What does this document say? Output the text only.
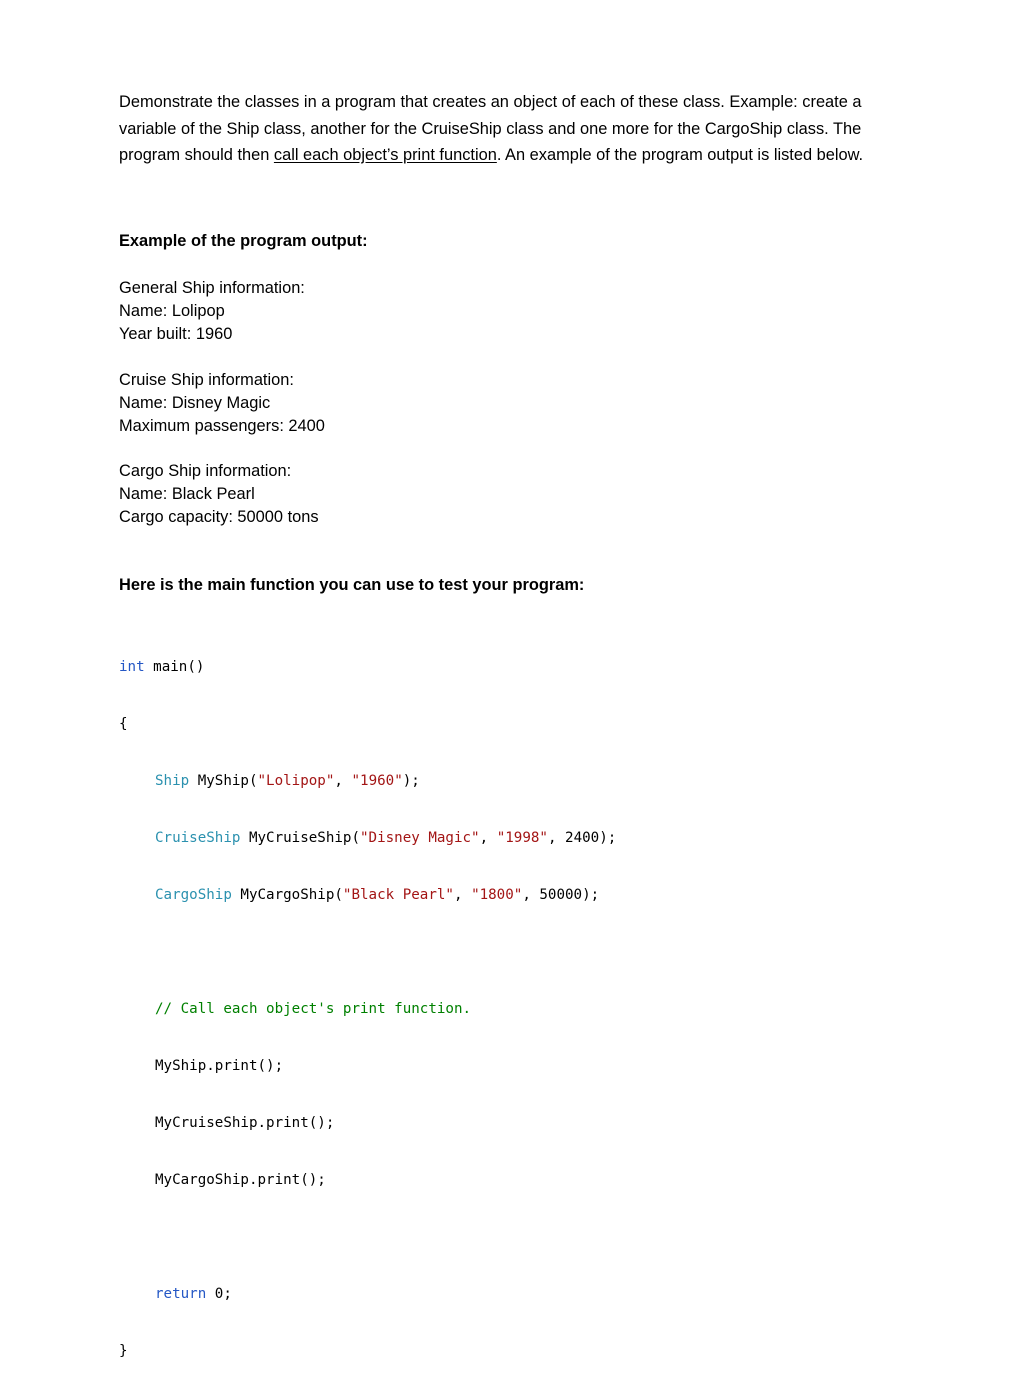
Demonstrate the classes in a program that creates an object of each of these class. Example: create a
variable of the Ship class, another for the CruiseShip class and one more for the CargoShip class. The
program should then call each object’s print function. An example of the program output is listed below.
Example of the program output:
General Ship information:
Name: Lolipop
Year built: 1960
Cruise Ship information:
Name: Disney Magic
Maximum passengers: 2400
Cargo Ship information:
Name: Black Pearl
Cargo capacity: 50000 tons
Here is the main function you can use to test your program:

int main()

{

Ship MyShip("Lolipop", "1960");

CruiseShip MyCruiseShip("Disney Magic", "1998", 2400);

CargoShip MyCargoShip("Black Pearl", "1800", 50000);

// Call each object's print function.

MyShip.print();

MyCruiseShip.print();

MyCargoShip.print();

return 0;

}
